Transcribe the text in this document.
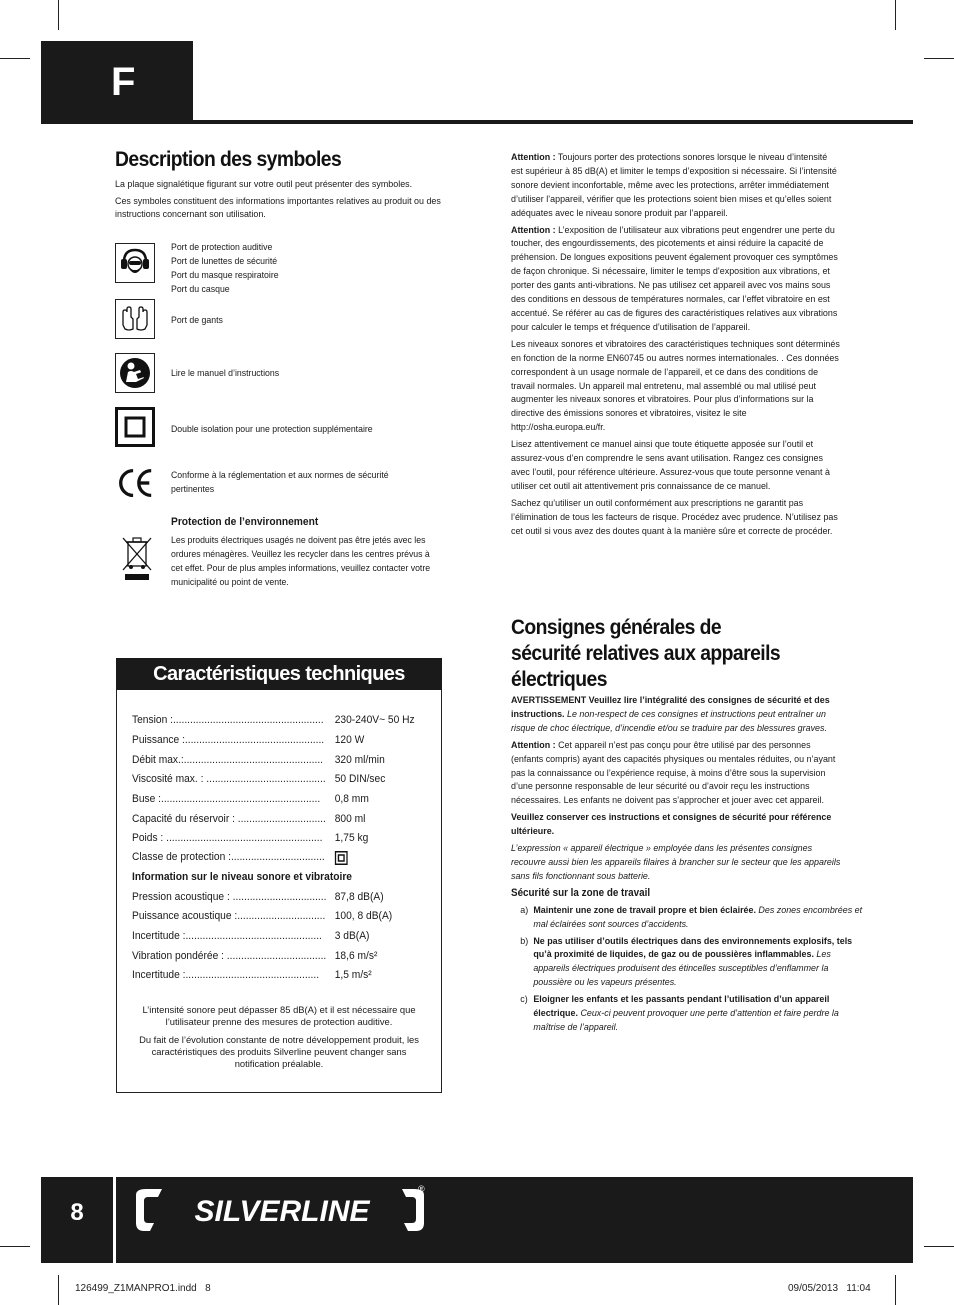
F
Description des symboles

La plaque signalétique figurant sur votre outil peut présenter des symboles.

Ces symboles constituent des informations importantes relatives au produit ou des instructions concernant son utilisation.

Port de protection auditive
Port de lunettes de sécurité
Port du masque respiratoire
Port du casque
Port de gants
Lire le manuel d’instructions
Double isolation pour une protection supplémentaire
Conforme à la réglementation et aux normes de sécurité
pertinentes
Protection de l’environnement
Les produits électriques usagés ne doivent pas être jetés avec les ordures ménagères. Veuillez les recycler dans les centres prévus à cet effet. Pour de plus amples informations, veuillez contacter votre municipalité ou point de vente.
Caractéristiques techniques
Tension :..................................................... 230-240V~ 50 Hz
Puissance :................................................. 120 W
Débit max.:................................................. 320 ml/min
Viscosité max. : .......................................... 50 DIN/sec
Buse :........................................................ 0,8 mm
Capacité du réservoir : ............................... 800 ml
Poids : ....................................................... 1,75 kg
Classe de protection :.................................
Information sur le niveau sonore et vibratoire
Pression acoustique : ................................. 87,8 dB(A)
Puissance acoustique :............................... 100, 8 dB(A)
Incertitude :................................................ 3 dB(A)
Vibration pondérée : ................................... 18,6 m/s²
Incertitude :............................................... 1,5 m/s²
L’intensité sonore peut dépasser 85 dB(A) et il est nécessaire que l’utilisateur prenne des mesures de protection auditive.
Du fait de l’évolution constante de notre développement produit, les caractéristiques des produits Silverline peuvent changer sans notification préalable.

Attention : Toujours porter des protections sonores lorsque le niveau d’intensité est supérieur à 85 dB(A) et limiter le temps d’exposition si nécessaire. Si l’intensité sonore devient inconfortable, même avec les protections, arrêter immédiatement d’utiliser l’appareil, vérifier que les protections soient bien mises et qu’elles soient adéquates avec le niveau sonore produit par l’appareil.

Attention : L’exposition de l’utilisateur aux vibrations peut engendrer une perte du toucher, des engourdissements, des picotements et ainsi réduire la capacité de préhension. De longues expositions peuvent également provoquer ces symptômes de façon chronique. Si nécessaire, limiter le temps d’exposition aux vibrations, et porter des gants anti-vibrations. Ne pas utilisez cet appareil avec vos mains sous des conditions en dessous de températures normales, car l’effet vibratoire en est accentué. Se référer au cas de figures des caractéristiques relatives aux vibrations pour calculer le temps et fréquence d’utilisation de l’appareil.

Les niveaux sonores et vibratoires des caractéristiques techniques sont déterminés en fonction de la norme EN60745 ou autres normes internationales. . Ces données correspondent à un usage normale de l’appareil, et ce dans des conditions de travail normales. Un appareil mal entretenu, mal assemblé ou mal utilisé peut augmenter les niveaux sonores et vibratoires. Pour plus d’informations sur la directive des émissions sonores et vibratoires, visitez le site http://osha.europa.eu/fr.

Lisez attentivement ce manuel ainsi que toute étiquette apposée sur l’outil et assurez-vous d’en comprendre le sens avant utilisation. Rangez ces consignes avec l’outil, pour référence ultérieure. Assurez-vous que toute personne venant à utiliser cet outil ait attentivement pris connaissance de ce manuel.

Sachez qu’utiliser un outil conformément aux prescriptions ne garantit pas l’élimination de tous les facteurs de risque. Procédez avec prudence. N’utilisez pas cet outil si vous avez des doutes quant à la manière sûre et correcte de procéder.

Consignes générales de
sécurité relatives aux appareils
électriques

AVERTISSEMENT Veuillez lire l’intégralité des consignes de sécurité et des instructions. Le non-respect de ces consignes et instructions peut entraîner un risque de choc électrique, d’incendie et/ou se traduire par des blessures graves.

Attention : Cet appareil n’est pas conçu pour être utilisé par des personnes (enfants compris) ayant des capacités physiques ou mentales réduites, ou n’ayant pas la connaissance ou l’expérience requise, à moins d’être sous la supervision d’une personne responsable de leur sécurité ou d’avoir reçu les instructions nécessaires. Les enfants ne doivent pas s’approcher et jouer avec cet appareil.

Veuillez conserver ces instructions et consignes de sécurité pour référence ultérieure.

L’expression « appareil électrique » employée dans les présentes consignes recouvre aussi bien les appareils filaires à brancher sur le secteur que les appareils sans fils fonctionnant sous batterie.

Sécurité sur la zone de travail

a) Maintenir une zone de travail propre et bien éclairée. Des zones encombrées et mal éclairées sont sources d’accidents.

b) Ne pas utiliser d’outils électriques dans des environnements explosifs, tels qu’à proximité de liquides, de gaz ou de poussières inflammables. Les appareils électriques produisent des étincelles susceptibles d’enflammer la poussière ou les vapeurs présentes.

c) Eloigner les enfants et les passants pendant l’utilisation d’un appareil électrique. Ceux-ci peuvent provoquer une perte d’attention et faire perdre la maîtrise de l’appareil.

8	SILVERLINE
®
126499_Z1MANPRO1.indd   8	09/05/2013   11:04
